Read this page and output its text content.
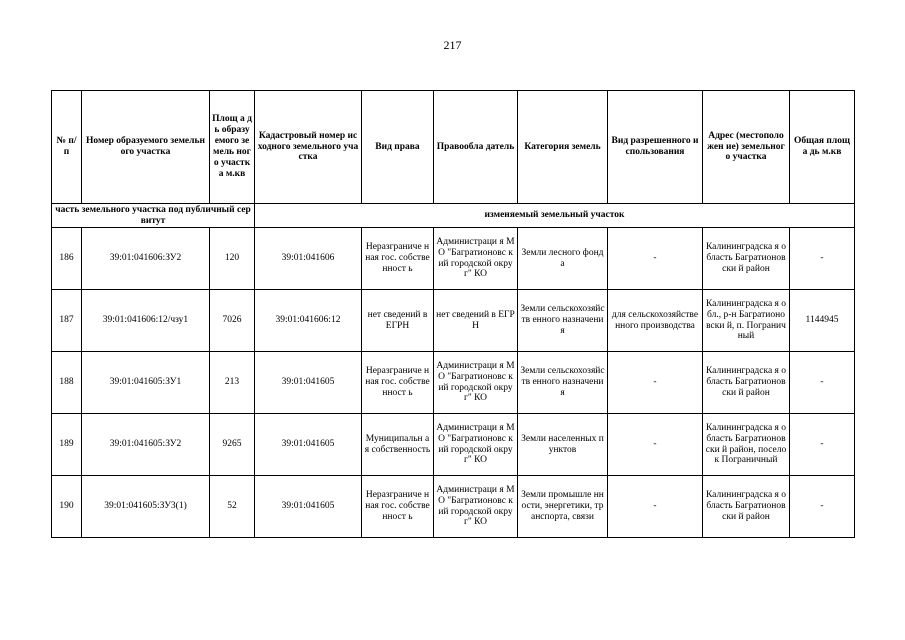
217
№ п/п	Номер образуемого земельного участка	Площ а дь образу емого земель ного участк а м.кв	Кадастровый номер исходного земельного участка	Вид права	Правообла датель	Категория земель	Вид разрешенного использования	Адрес (местоположен ие) земельного участка	Общая площа дь м.кв
часть земельного участка под публичный сервитут			изменяемый земельный участок						
186	39:01:041606:ЗУ2	120	39:01:041606	Неразграниче нная гос. собственност ь	Администраци я МО "Багратионовс кий городской округ" КО	Земли лесного фонда	-	Калининградска я область Багратионовски й район	-
187	39:01:041606:12/чзу1	7026	39:01:041606:12	нет сведений в ЕГРН	нет сведений в ЕГРН	Земли сельскохозяйств енного назначения	для сельскохозяйстве нного производства	Калининградска я обл., р-н Багратионовски й, п. Пограничный	1144945
188	39:01:041605:ЗУ1	213	39:01:041605	Неразграниче нная гос. собственност ь	Администраци я МО "Багратионовс кий городской округ" КО	Земли сельскохозяйств енного назначения	-	Калининградска я область Багратионовски й район	-
189	39:01:041605:ЗУ2	9265	39:01:041605	Муниципальн ая собственность	Администраци я МО "Багратионовс кий городской округ" КО	Земли населенных пунктов	-	Калининградска я область Багратионовски й район, поселок Пограничный	-
190	39:01:041605:ЗУ3(1)	52	39:01:041605	Неразграниче нная гос. собственност ь	Администраци я МО "Багратионовс кий городской округ" КО	Земли промышле нности, энергетики, транспорта, связи	-	Калининградска я область Багратионовски й район	-
